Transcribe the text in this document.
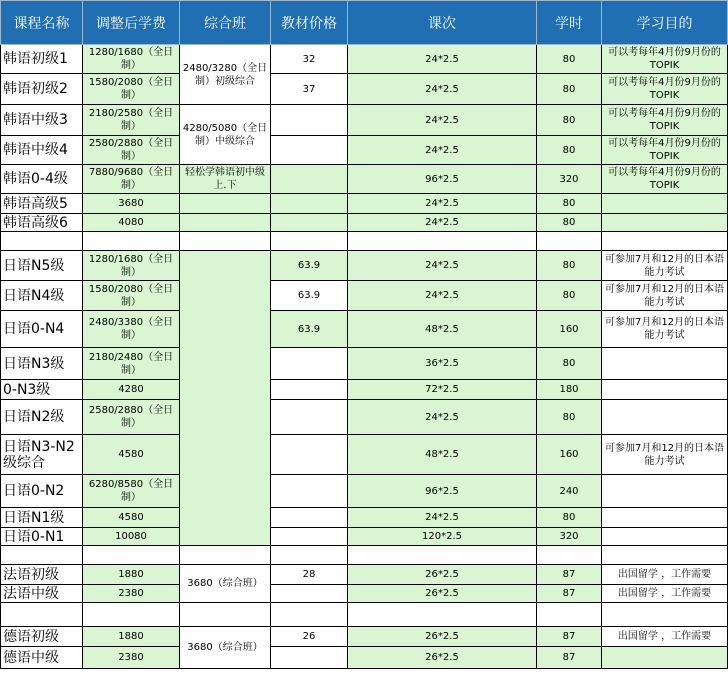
课程名称	调整后学费	综合班	教材价格	课次	学时	学习目的
韩语初级1	1280/1680（全日制）	2480/3280（全日制）初级综合	32	24*2.5	80	可以考每年4月份9月份的TOPIK
韩语初级2	1580/2080（全日制）		37	24*2.5	80	可以考每年4月份9月份的TOPIK
韩语中级3	2180/2580（全日制）	4280/5080（全日制）中级综合		24*2.5	80	可以考每年4月份9月份的TOPIK
韩语中级4	2580/2880（全日制）			24*2.5	80	可以考每年4月份9月份的TOPIK
韩语0-4级	7880/9680（全日制）	轻松学韩语初中级上.下		96*2.5	320	可以考每年4月份9月份的TOPIK
韩语高级5	3680			24*2.5	80	
韩语高级6	4080			24*2.5	80	

日语N5级	1280/1680（全日制）		63.9	24*2.5	80	可参加7月和12月的日本语能力考试
日语N4级	1580/2080（全日制）		63.9	24*2.5	80	可参加7月和12月的日本语能力考试
日语0-N4	2480/3380（全日制）		63.9	48*2.5	160	可参加7月和12月的日本语能力考试
日语N3级	2180/2480（全日制）			36*2.5	80	
0-N3级	4280			72*2.5	180	
日语N2级	2580/2880（全日制）			24*2.5	80	
日语N3-N2级综合	4580			48*2.5	160	可参加7月和12月的日本语能力考试
日语0-N2	6280/8580（全日制）			96*2.5	240	
日语N1级	4580			24*2.5	80	
日语0-N1	10080			120*2.5	320	

法语初级	1880	3680（综合班）	28	26*2.5	87	出国留学 ，工作需要
法语中级	2380			26*2.5	87	出国留学 ，工作需要

德语初级	1880	3680（综合班）	26	26*2.5	87	出国留学 ，工作需要
德语中级	2380			26*2.5	87	
